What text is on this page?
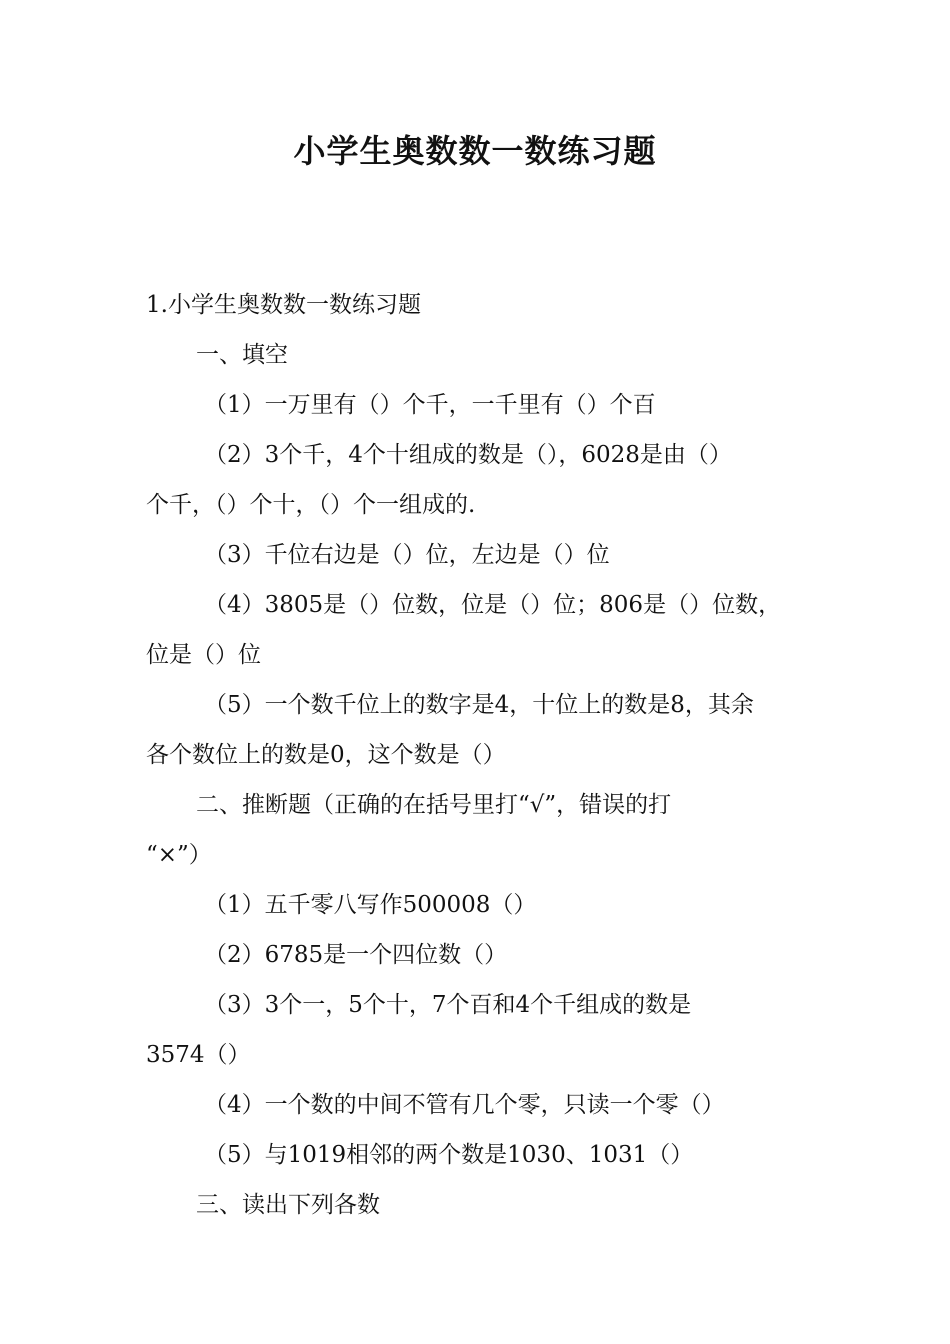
小学生奥数数一数练习题

1.小学生奥数数一数练习题

一、填空

（1）一万里有（）个千，一千里有（）个百

（2）3个千，4个十组成的数是（），6028是由（）

个千，（）个十，（）个一组成的.

（3）千位右边是（）位，左边是（）位

（4）3805是（）位数，位是（）位；806是（）位数，

位是（）位

（5）一个数千位上的数字是4，十位上的数是8，其余

各个数位上的数是0，这个数是（）

二、推断题（正确的在括号里打“√”，错误的打

“×”）

（1）五千零八写作500008（）

（2）6785是一个四位数（）

（3）3个一，5个十，7个百和4个千组成的数是

3574（）

（4）一个数的中间不管有几个零，只读一个零（）

（5）与1019相邻的两个数是1030、1031（）

三、读出下列各数
